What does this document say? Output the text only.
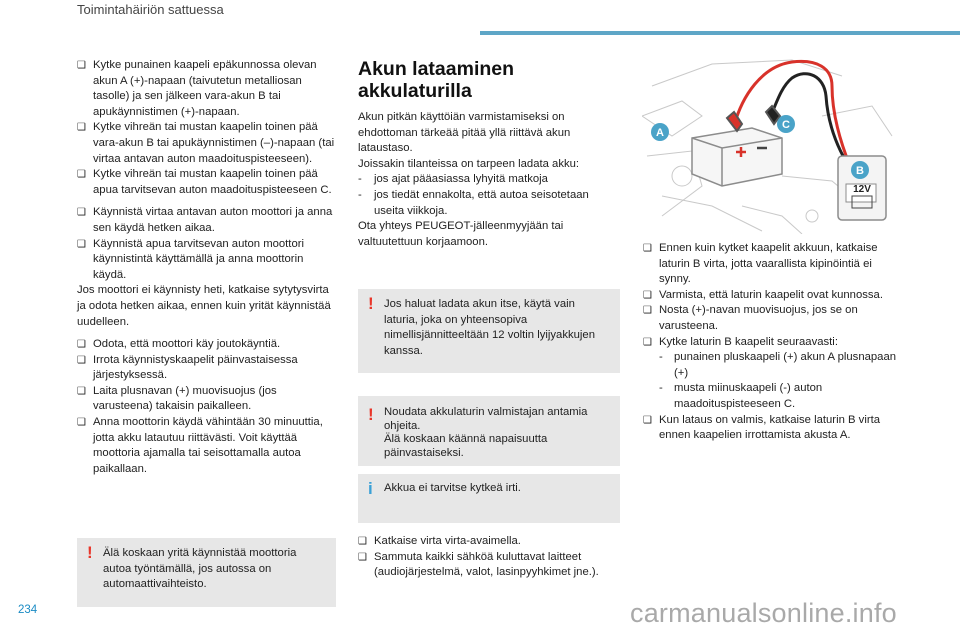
Toimintahäiriön sattuessa

❑ Kytke punainen kaapeli epäkunnossa olevan akun A (+)-napaan (taivutetun metalliosan tasolle) ja sen jälkeen vara-akun B tai apukäynnistimen (+)-napaan.

❑ Kytke vihreän tai mustan kaapelin toinen pää vara-akun B tai apukäynnistimen (–)-napaan (tai virtaa antavan auton maadoituspisteeseen).

❑ Kytke vihreän tai mustan kaapelin toinen pää apua tarvitsevan auton maadoituspisteeseen C.

❑ Käynnistä virtaa antavan auton moottori ja anna sen käydä hetken aikaa.

❑ Käynnistä apua tarvitsevan auton moottori käynnistintä käyttämällä ja anna moottorin käydä.

Jos moottori ei käynnisty heti, katkaise sytytysvirta ja odota hetken aikaa, ennen kuin yrität käynnistää uudelleen.

❑ Odota, että moottori käy joutokäyntiä.

❑ Irrota käynnistyskaapelit päinvastaisessa järjestyksessä.

❑ Laita plusnavan (+) muovisuojus (jos varusteena) takaisin paikalleen.

❑ Anna moottorin käydä vähintään 30 minuuttia, jotta akku latautuu riittävästi. Voit käyttää moottoria ajamalla tai seisottamalla autoa paikallaan.

! Älä koskaan yritä käynnistää moottoria autoa työntämällä, jos autossa on automaattivaihteisto.

Akun lataaminen
akkulaturilla

Akun pitkän käyttöiän varmistamiseksi on ehdottoman tärkeää pitää yllä riittävä akun lataustaso.

Joissakin tilanteissa on tarpeen ladata akku:

- jos ajat pääasiassa lyhyitä matkoja

- jos tiedät ennakolta, että autoa seisotetaan useita viikkoja.

Ota yhteys PEUGEOT-jälleenmyyjään tai valtuutettuun korjaamoon.

! Jos haluat ladata akun itse, käytä vain laturia, joka on yhteensopiva nimellisjännitteeltään 12 voltin lyijyakkujen kanssa.

! Noudata akkulaturin valmistajan antamia ohjeita.

Älä koskaan käännä napaisuutta päinvastaiseksi.

i Akkua ei tarvitse kytkeä irti.

❑ Katkaise virta virta-avaimella.

❑ Sammuta kaikki sähköä kuluttavat laitteet (audiojärjestelmä, valot, lasinpyyhkimet jne.).

12V
A
C
B

❑ Ennen kuin kytket kaapelit akkuun, katkaise laturin B virta, jotta vaarallista kipinöintiä ei synny.

❑ Varmista, että laturin kaapelit ovat kunnossa.

❑ Nosta (+)-navan muovisuojus, jos se on varusteena.

❑ Kytke laturin B kaapelit seuraavasti:

- punainen pluskaapeli (+) akun A plusnapaan (+)

- musta miinuskaapeli (-) auton maadoituspisteeseen C.

❑ Kun lataus on valmis, katkaise laturin B virta ennen kaapelien irrottamista akusta A.

234	carmanualsonline.info
